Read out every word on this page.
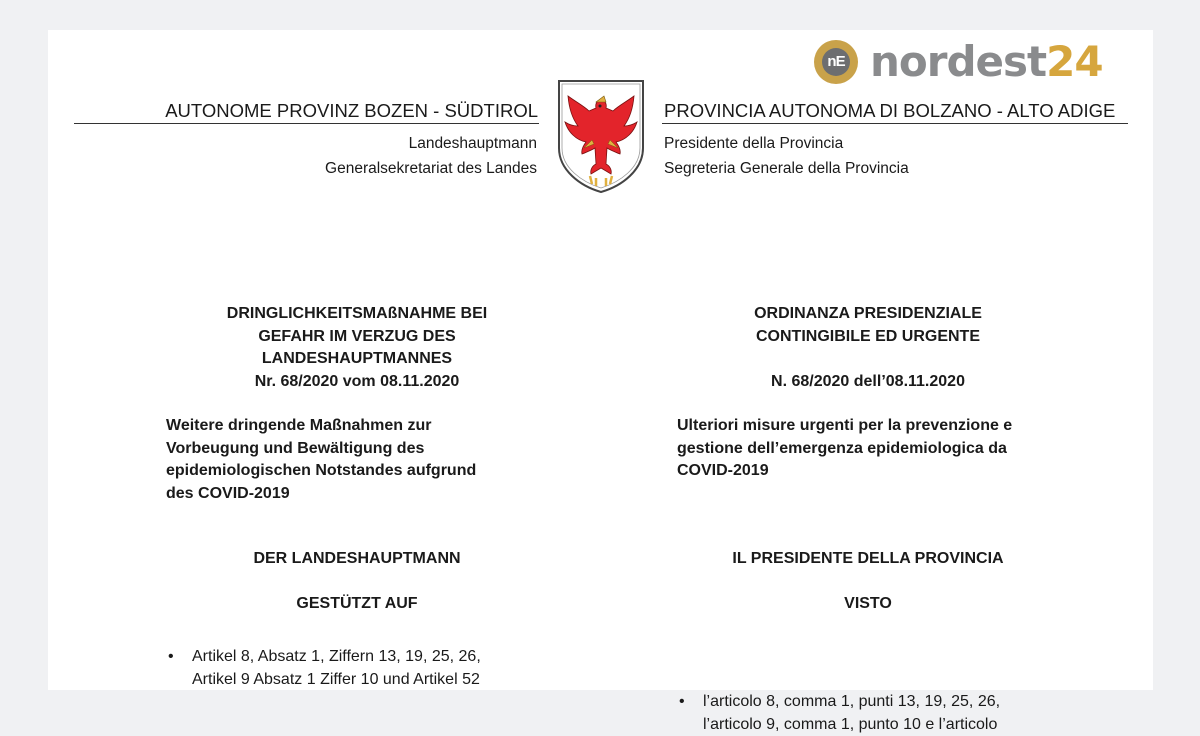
nE nordest24
AUTONOME PROVINZ BOZEN - SÜDTIROL
Landeshauptmann
Generalsekretariat des Landes
PROVINCIA AUTONOMA DI BOLZANO - ALTO ADIGE
Presidente della Provincia
Segreteria Generale della Provincia
DRINGLICHKEITSMAßNAHME BEI
GEFAHR IM VERZUG DES
LANDESHAUPTMANNES
Nr. 68/2020 vom 08.11.2020
Weitere dringende Maßnahmen zur
Vorbeugung und Bewältigung des
epidemiologischen Notstandes aufgrund
des COVID-2019
DER LANDESHAUPTMANN
GESTÜTZT AUF
• Artikel 8, Absatz 1, Ziffern 13, 19, 25, 26,
Artikel 9 Absatz 1 Ziffer 10 und Artikel 52
ORDINANZA PRESIDENZIALE
CONTINGIBILE ED URGENTE
N. 68/2020 dell’08.11.2020
Ulteriori misure urgenti per la prevenzione e
gestione dell’emergenza epidemiologica da
COVID-2019
IL PRESIDENTE DELLA PROVINCIA
VISTO
• l’articolo 8, comma 1, punti 13, 19, 25, 26,
l’articolo 9, comma 1, punto 10 e l’articolo
